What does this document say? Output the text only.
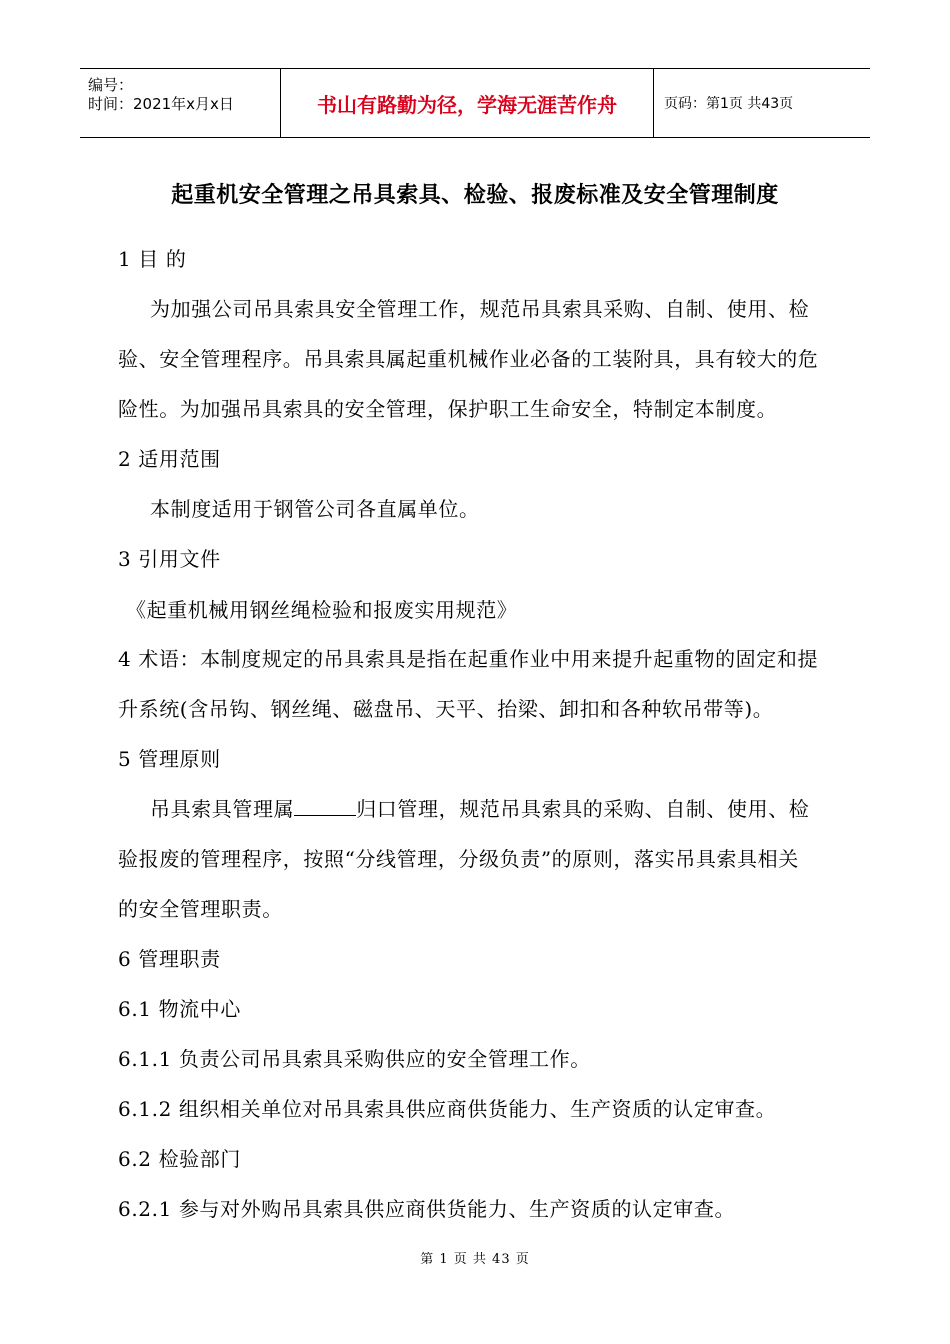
编号：
时间：2021年x月x日	书山有路勤为径，学海无涯苦作舟	页码：第1页 共43页
起重机安全管理之吊具索具、检验、报废标准及安全管理制度
1 目 的
为加强公司吊具索具安全管理工作，规范吊具索具采购、自制、使用、检
验、安全管理程序。吊具索具属起重机械作业必备的工装附具，具有较大的危
险性。为加强吊具索具的安全管理，保护职工生命安全，特制定本制度。
2 适用范围
本制度适用于钢管公司各直属单位。
3 引用文件
《起重机械用钢丝绳检验和报废实用规范》
4 术语：本制度规定的吊具索具是指在起重作业中用来提升起重物的固定和提
升系统(含吊钩、钢丝绳、磁盘吊、天平、抬梁、卸扣和各种软吊带等)。
5 管理原则
吊具索具管理属	归口管理，规范吊具索具的采购、自制、使用、检
验报废的管理程序，按照“分线管理，分级负责”的原则，落实吊具索具相关
的安全管理职责。
6 管理职责
6.1 物流中心
6.1.1 负责公司吊具索具采购供应的安全管理工作。
6.1.2 组织相关单位对吊具索具供应商供货能力、生产资质的认定审查。
6.2 检验部门
6.2.1 参与对外购吊具索具供应商供货能力、生产资质的认定审查。
第 1 页 共 43 页
